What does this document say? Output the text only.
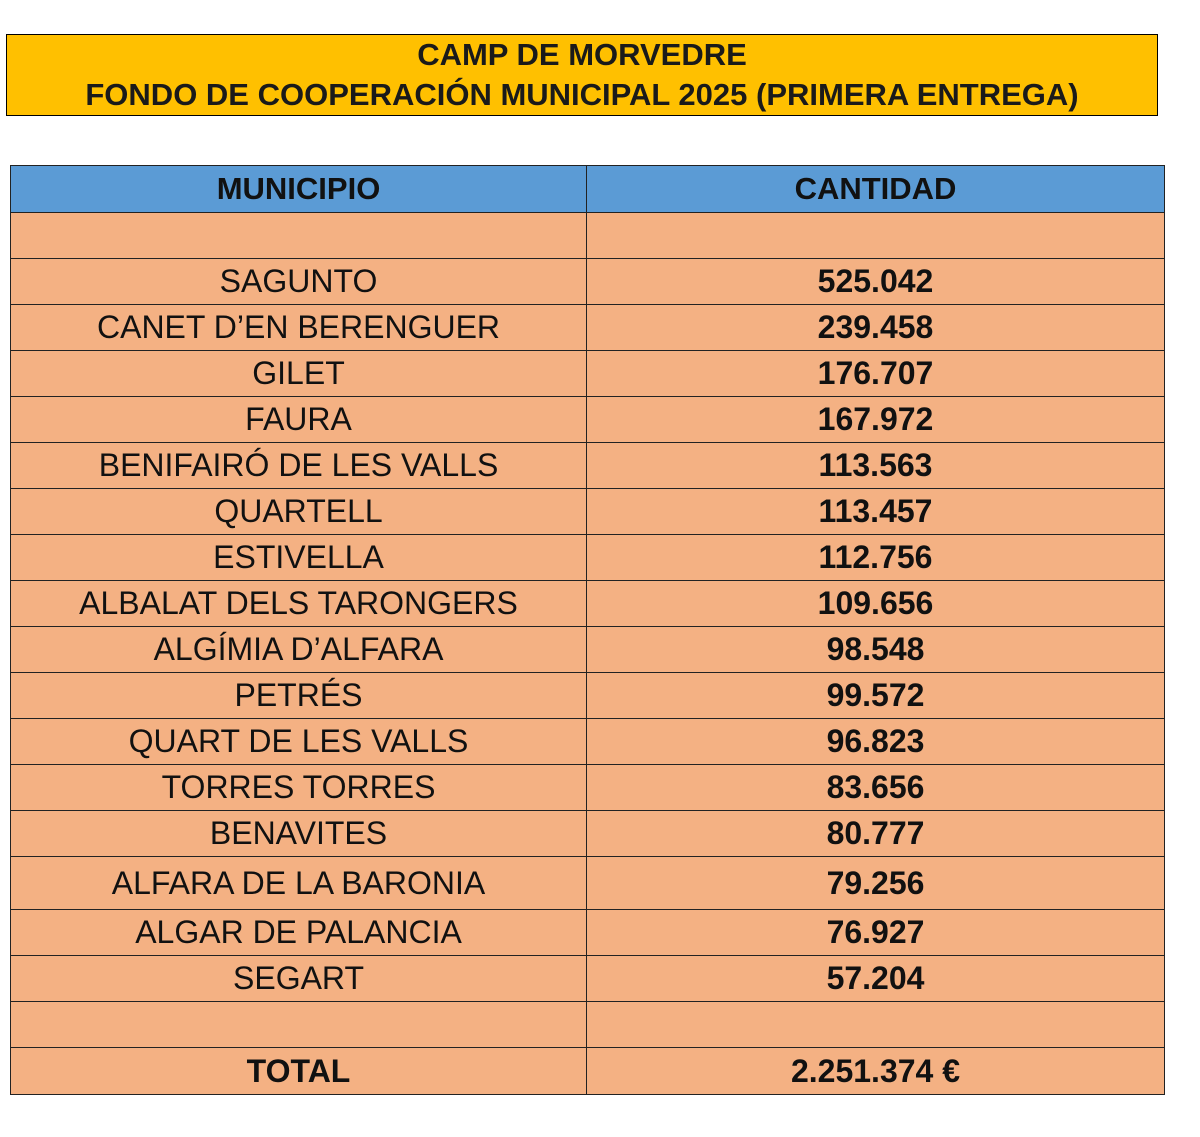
CAMP DE MORVEDRE
FONDO DE COOPERACIÓN MUNICIPAL 2025 (PRIMERA ENTREGA)
MUNICIPIO	CANTIDAD

SAGUNTO	525.042
CANET D’EN BERENGUER	239.458
GILET	176.707
FAURA	167.972
BENIFAIRÓ DE LES VALLS	113.563
QUARTELL	113.457
ESTIVELLA	112.756
ALBALAT DELS TARONGERS	109.656
ALGÍMIA D’ALFARA	98.548
PETRÉS	99.572
QUART DE LES VALLS	96.823
TORRES TORRES	83.656
BENAVITES	80.777
ALFARA DE LA BARONIA	79.256
ALGAR DE PALANCIA	76.927
SEGART	57.204

TOTAL	2.251.374 €
